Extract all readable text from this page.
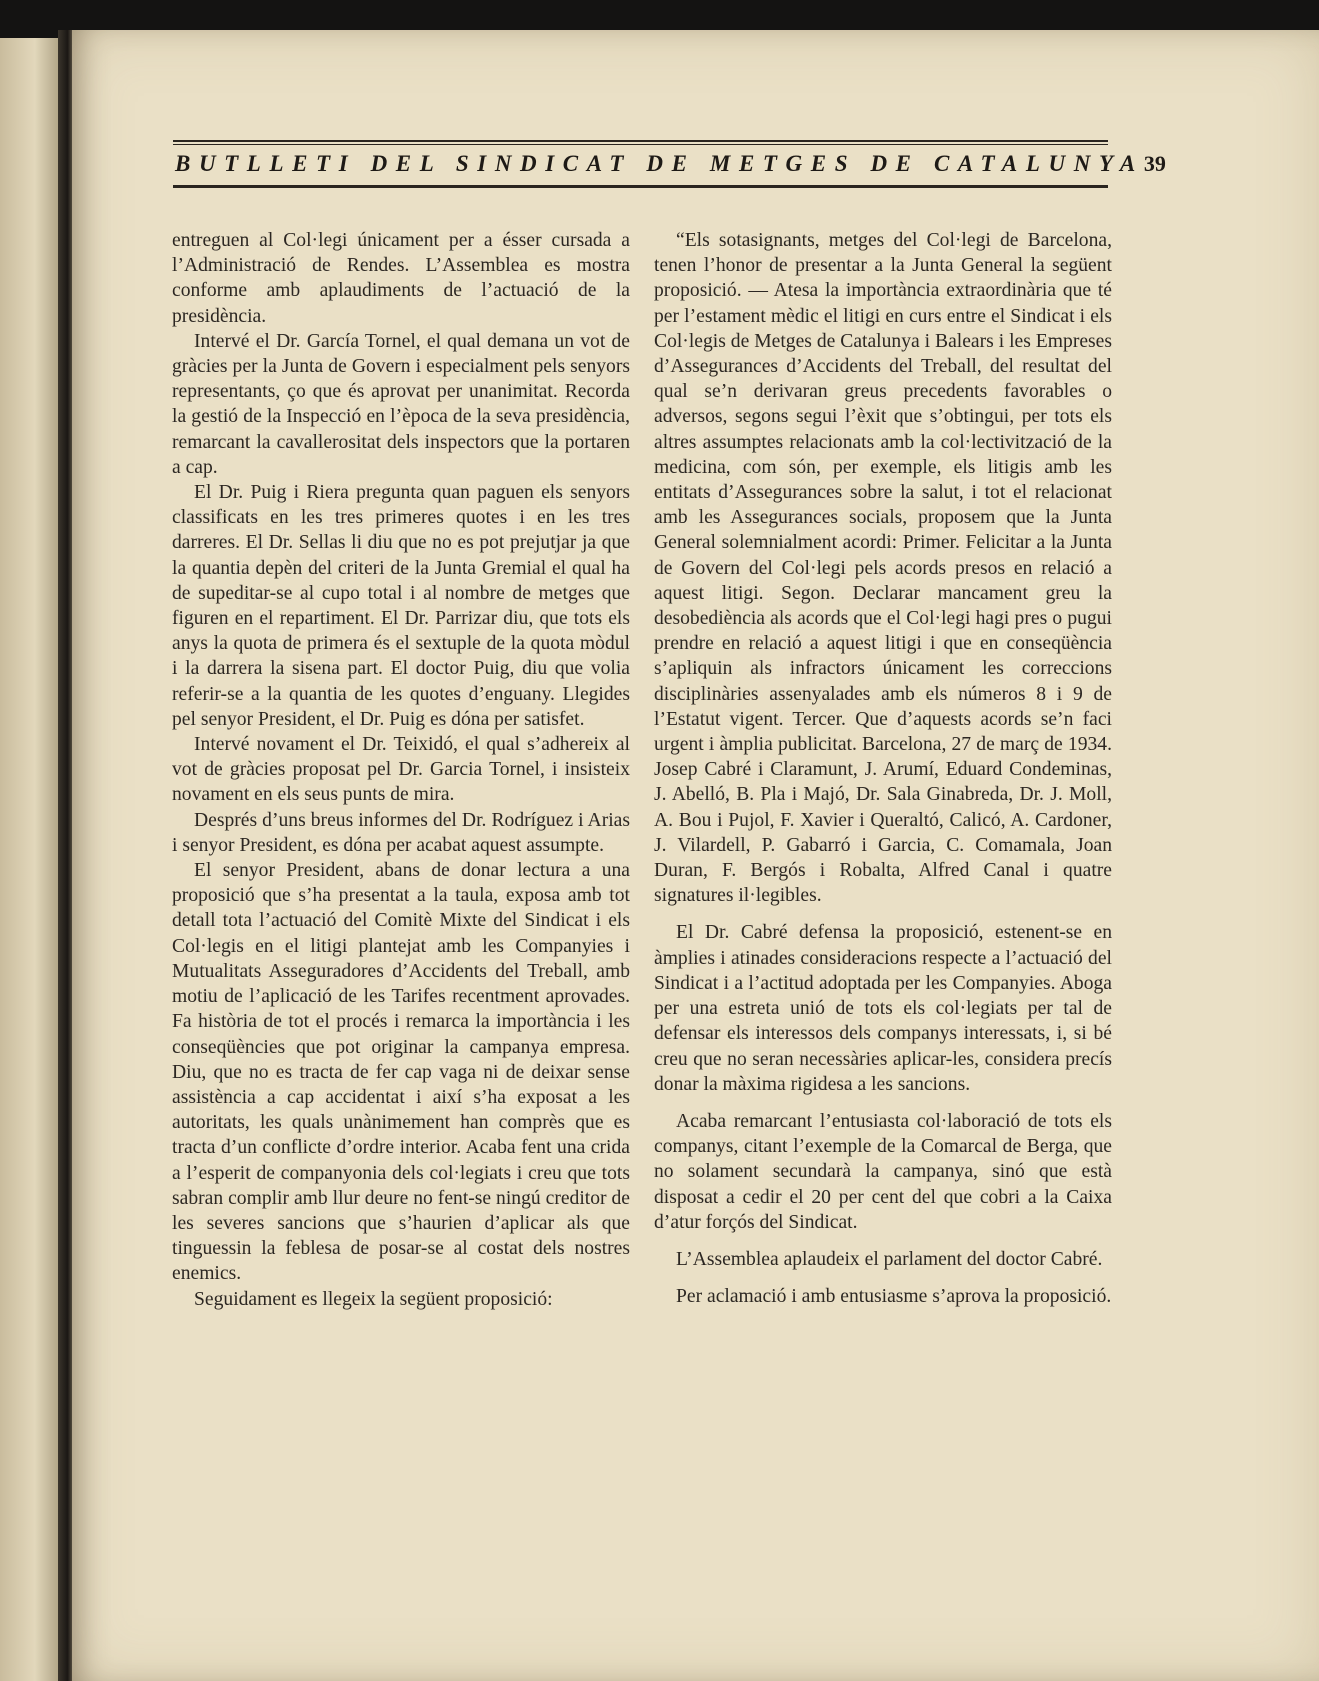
BUTLLETI DEL SINDICAT DE METGES DE CATALUNYA 39

entreguen al Col·legi únicament per a ésser cursada a l’Administració de Rendes. L’Assemblea es mostra conforme amb aplaudiments de l’actuació de la presidència.

Intervé el Dr. García Tornel, el qual demana un vot de gràcies per la Junta de Govern i especialment pels senyors representants, ço que és aprovat per unanimitat. Recorda la gestió de la Inspecció en l’època de la seva presidència, remarcant la cavallerositat dels inspectors que la portaren a cap.

El Dr. Puig i Riera pregunta quan paguen els senyors classificats en les tres primeres quotes i en les tres darreres. El Dr. Sellas li diu que no es pot prejutjar ja que la quantia depèn del criteri de la Junta Gremial el qual ha de supeditar-se al cupo total i al nombre de metges que figuren en el repartiment. El Dr. Parrizar diu, que tots els anys la quota de primera és el sextuple de la quota mòdul i la darrera la sisena part. El doctor Puig, diu que volia referir-se a la quantia de les quotes d’enguany. Llegides pel senyor President, el Dr. Puig es dóna per satisfet.

Intervé novament el Dr. Teixidó, el qual s’adhereix al vot de gràcies proposat pel Dr. Garcia Tornel, i insisteix novament en els seus punts de mira.

Després d’uns breus informes del Dr. Rodríguez i Arias i senyor President, es dóna per acabat aquest assumpte.

El senyor President, abans de donar lectura a una proposició que s’ha presentat a la taula, exposa amb tot detall tota l’actuació del Comitè Mixte del Sindicat i els Col·legis en el litigi plantejat amb les Companyies i Mutualitats Asseguradores d’Accidents del Treball, amb motiu de l’aplicació de les Tarifes recentment aprovades. Fa història de tot el procés i remarca la importància i les conseqüències que pot originar la campanya empresa. Diu, que no es tracta de fer cap vaga ni de deixar sense assistència a cap accidentat i així s’ha exposat a les autoritats, les quals unànimement han comprès que es tracta d’un conflicte d’ordre interior. Acaba fent una crida a l’esperit de companyonia dels col·legiats i creu que tots sabran complir amb llur deure no fent-se ningú creditor de les severes sancions que s’haurien d’aplicar als que tinguessin la feblesa de posar-se al costat dels nostres enemics.

Seguidament es llegeix la següent proposició:

“Els sotasignants, metges del Col·legi de Barcelona, tenen l’honor de presentar a la Junta General la següent proposició. — Atesa la importància extraordinària que té per l’estament mèdic el litigi en curs entre el Sindicat i els Col·legis de Metges de Catalunya i Balears i les Empreses d’Assegurances d’Accidents del Treball, del resultat del qual se’n derivaran greus precedents favorables o adversos, segons segui l’èxit que s’obtingui, per tots els altres assumptes relacionats amb la col·lectivització de la medicina, com són, per exemple, els litigis amb les entitats d’Assegurances sobre la salut, i tot el relacionat amb les Assegurances socials, proposem que la Junta General solemnialment acordi: Primer. Felicitar a la Junta de Govern del Col·legi pels acords presos en relació a aquest litigi. Segon. Declarar mancament greu la desobediència als acords que el Col·legi hagi pres o pugui prendre en relació a aquest litigi i que en conseqüència s’apliquin als infractors únicament les correccions disciplinàries assenyalades amb els números 8 i 9 de l’Estatut vigent. Tercer. Que d’aquests acords se’n faci urgent i àmplia publicitat. Barcelona, 27 de març de 1934. Josep Cabré i Claramunt, J. Arumí, Eduard Condeminas, J. Abelló, B. Pla i Majó, Dr. Sala Ginabreda, Dr. J. Moll, A. Bou i Pujol, F. Xavier i Queraltó, Calicó, A. Cardoner, J. Vilardell, P. Gabarró i Garcia, C. Comamala, Joan Duran, F. Bergós i Robalta, Alfred Canal i quatre signatures il·legibles.

El Dr. Cabré defensa la proposició, estenent-se en àmplies i atinades consideracions respecte a l’actuació del Sindicat i a l’actitud adoptada per les Companyies. Aboga per una estreta unió de tots els col·legiats per tal de defensar els interessos dels companys interessats, i, si bé creu que no seran necessàries aplicar-les, considera precís donar la màxima rigidesa a les sancions.

Acaba remarcant l’entusiasta col·laboració de tots els companys, citant l’exemple de la Comarcal de Berga, que no solament secundarà la campanya, sinó que està disposat a cedir el 20 per cent del que cobri a la Caixa d’atur forçós del Sindicat.

L’Assemblea aplaudeix el parlament del doctor Cabré.

Per aclamació i amb entusiasme s’aprova la proposició.
